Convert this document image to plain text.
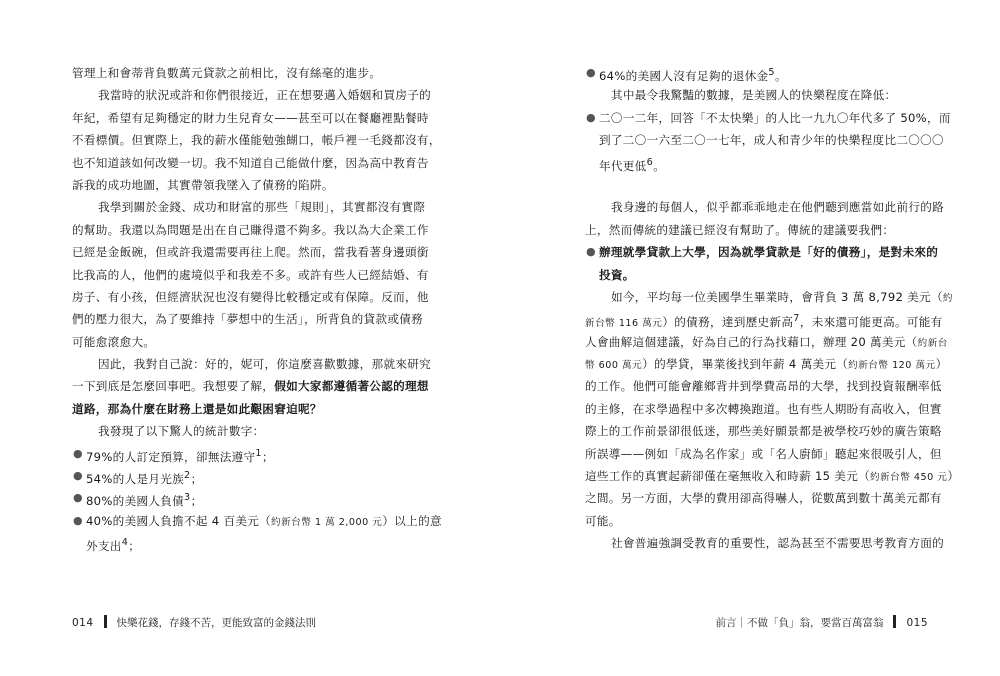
管理上和會蒂背負數萬元貸款之前相比，沒有絲毫的進步。
我當時的狀況或許和你們很接近，正在想要邁入婚姻和買房子的
年紀，希望有足夠穩定的財力生兒育女——甚至可以在餐廳裡點餐時
不看標價。但實際上，我的薪水僅能勉強餬口，帳戶裡一毛錢都沒有，
也不知道該如何改變一切。我不知道自己能做什麼，因為高中教育告
訴我的成功地圖，其實帶領我墜入了債務的陷阱。
我學到關於金錢、成功和財富的那些「規則」，其實都沒有實際
的幫助。我還以為問題是出在自己賺得還不夠多。我以為大企業工作
已經是金飯碗，但或許我還需要再往上爬。然而，當我看著身邊頭銜
比我高的人，他們的處境似乎和我差不多。或許有些人已經結婚、有
房子、有小孩，但經濟狀況也沒有變得比較穩定或有保障。反而，他
們的壓力很大，為了要維持「夢想中的生活」，所背負的貸款或債務
可能愈滾愈大。
因此，我對自己說：好的，妮可，你這麼喜歡數據，那就來研究
一下到底是怎麼回事吧。我想要了解，假如大家都遵循著公認的理想
道路，那為什麼在財務上還是如此艱困窘迫呢？
我發現了以下驚人的統計數字：
● 79%的人訂定預算，卻無法遵守$^1$；
● 54%的人是月光族$^2$；
● 80%的美國人負債$^3$；
● 40%的美國人負擔不起 4 百美元（約新台幣 1 萬 2,000 元）以上的意
外支出$^4$；
014 快樂花錢，存錢不苦，更能致富的金錢法則
● 64%的美國人沒有足夠的退休金$^5$。
其中最令我驚豔的數據，是美國人的快樂程度在降低：
● 二〇一二年，回答「不太快樂」的人比一九九〇年代多了 50%，而
到了二〇一六至二〇一七年，成人和青少年的快樂程度比二〇〇〇
年代更低$^6$。
我身邊的每個人，似乎都乖乖地走在他們聽到應當如此前行的路
上，然而傳統的建議已經沒有幫助了。傳統的建議要我們：
● 辦理就學貸款上大學，因為就學貸款是「好的債務」，是對未來的
投資。
如今，平均每一位美國學生畢業時，會背負 3 萬 8,792 美元（約
新台幣 116 萬元）的債務，達到歷史新高$^7$，未來還可能更高。可能有
人會曲解這個建議，好為自己的行為找藉口，辦理 20 萬美元（約新台
幣 600 萬元）的學貸，畢業後找到年薪 4 萬美元（約新台幣 120 萬元）
的工作。他們可能會離鄉背井到學費高昂的大學，找到投資報酬率低
的主修，在求學過程中多次轉換跑道。也有些人期盼有高收入，但實
際上的工作前景卻很低迷，那些美好願景都是被學校巧妙的廣告策略
所誤導——例如「成為名作家」或「名人廚師」聽起來很吸引人，但
這些工作的真實起薪卻僅在毫無收入和時薪 15 美元（約新台幣 450 元）
之間。另一方面，大學的費用卻高得嚇人，從數萬到數十萬美元都有
可能。
社會普遍強調受教育的重要性，認為甚至不需要思考教育方面的
前言｜不做「負」翁，要當百萬富翁 015
